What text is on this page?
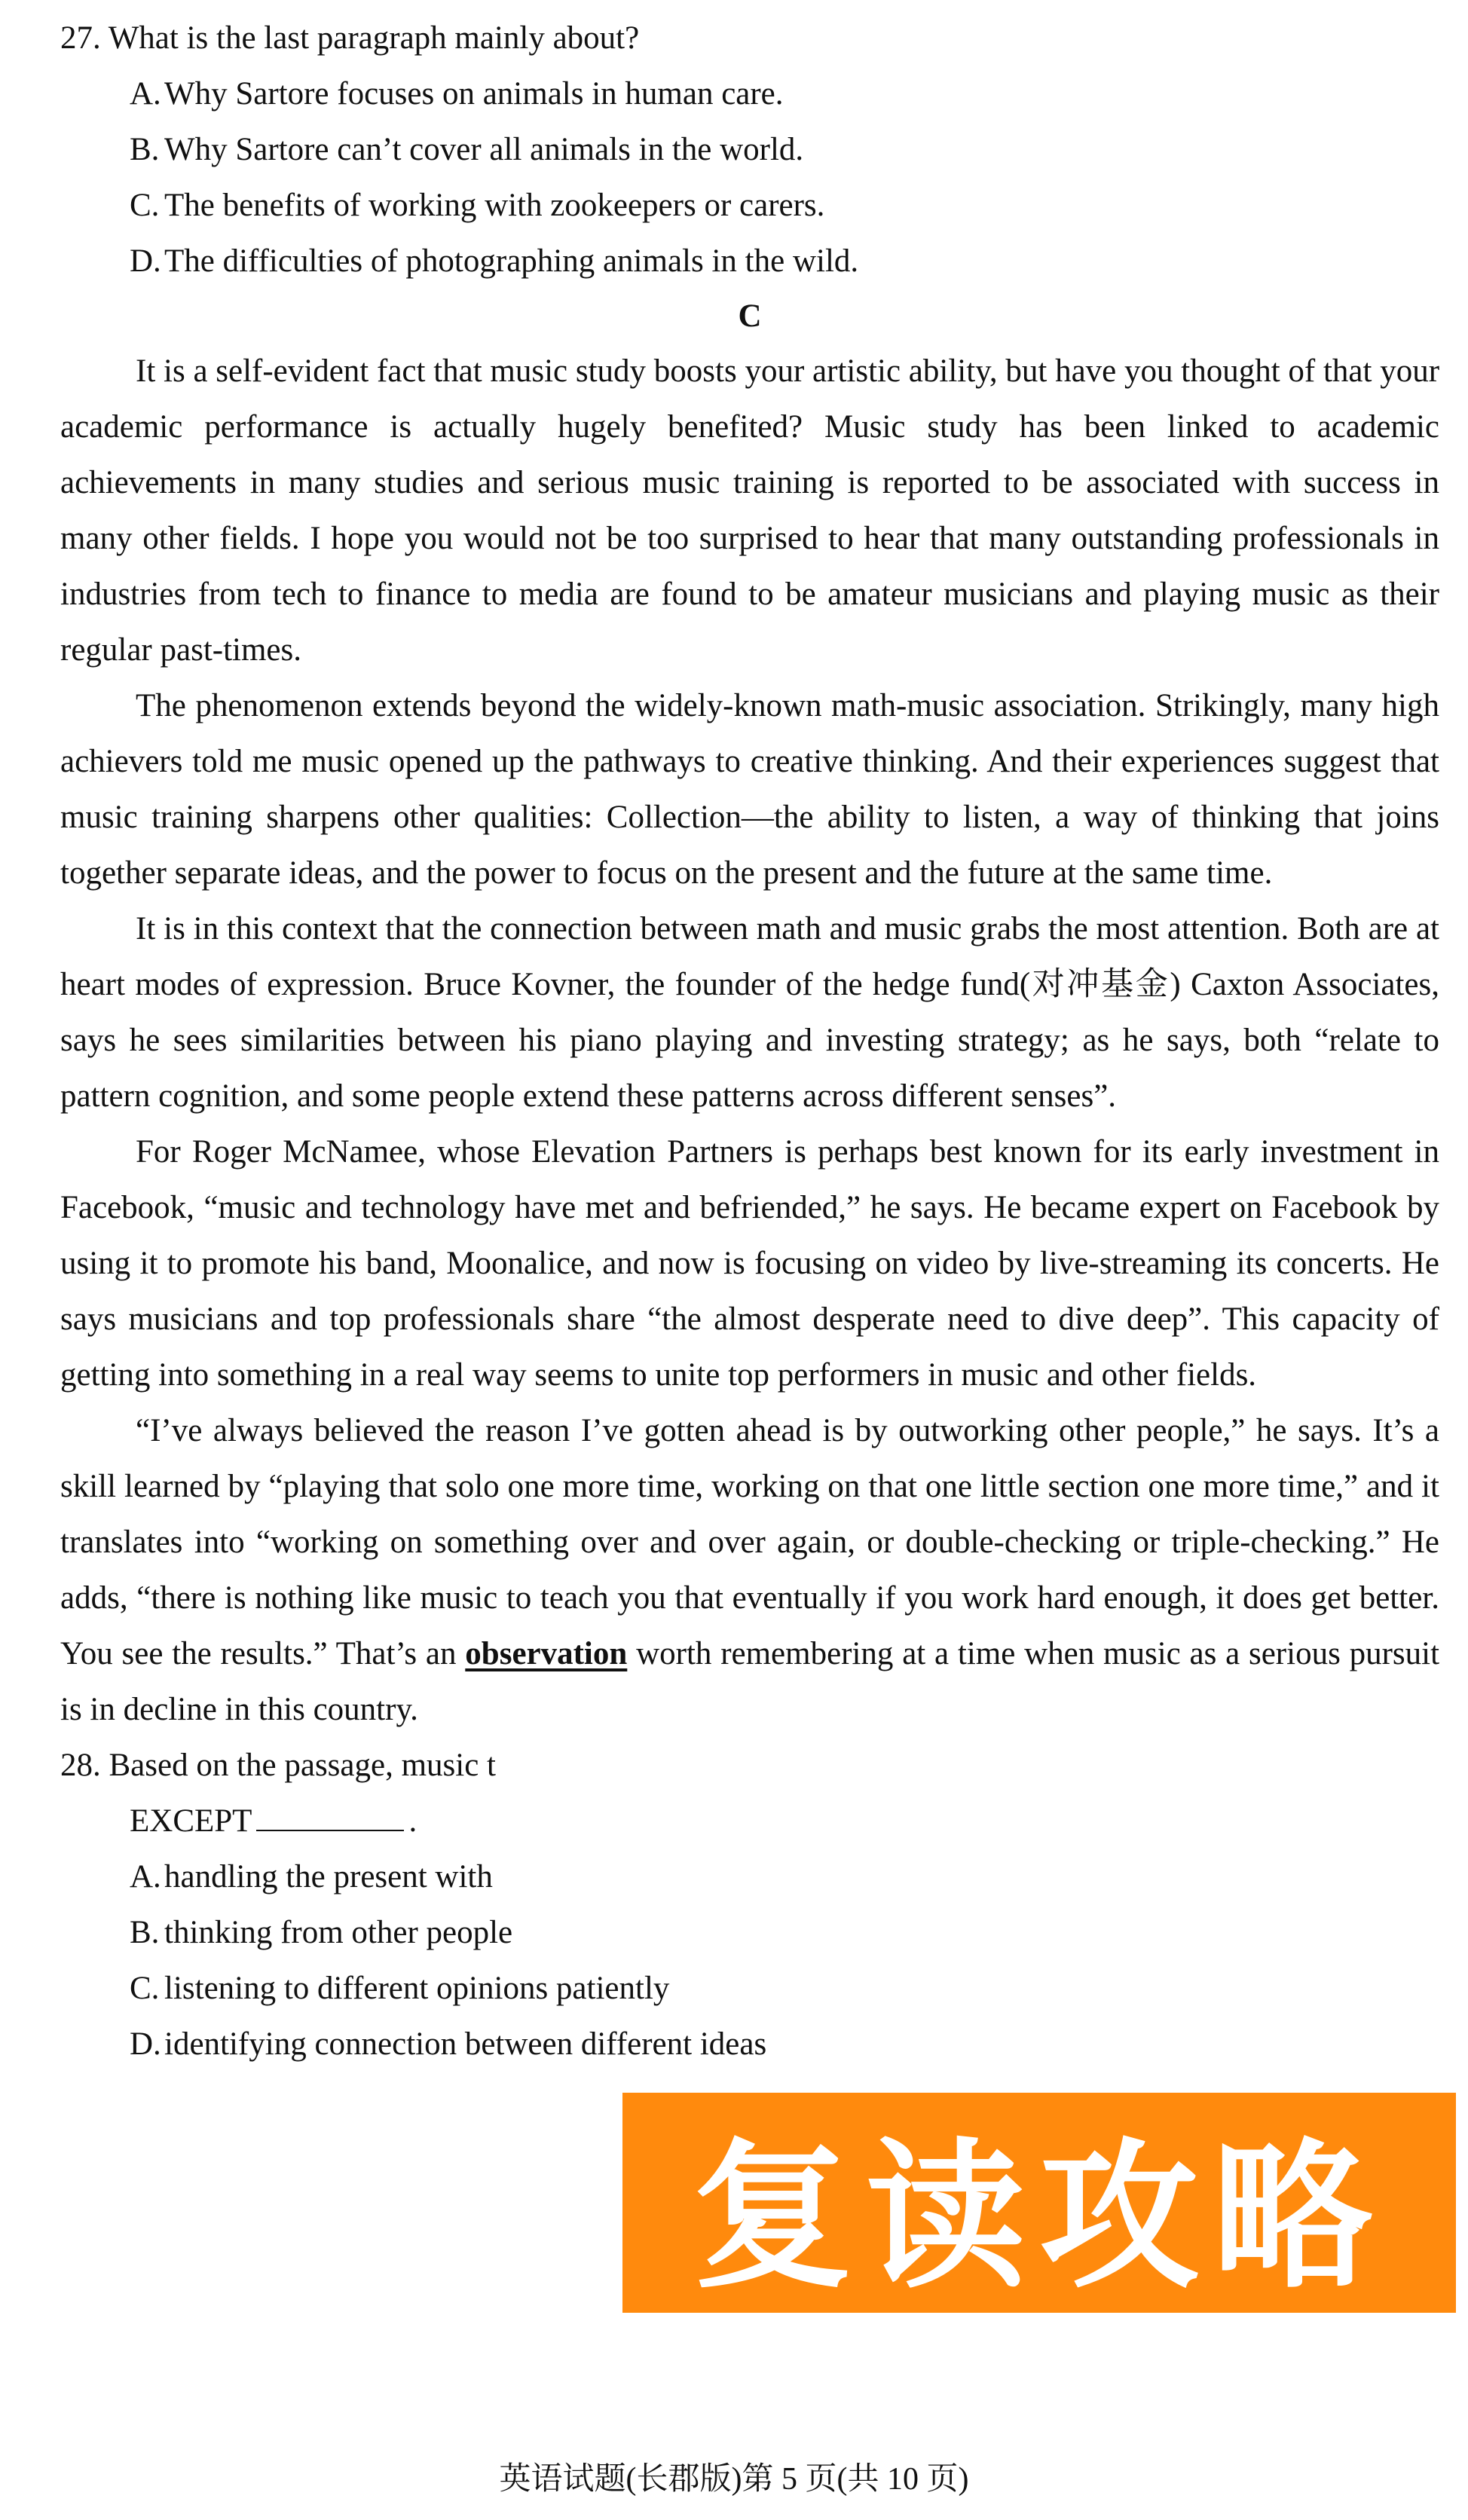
27. What is the last paragraph mainly about?

A.Why Sartore focuses on animals in human care.

B. Why Sartore can’t cover all animals in the world.

C. The benefits of working with zookeepers or carers.

D.The difficulties of photographing animals in the wild.

C

It is a self-evident fact that music study boosts your artistic ability, but have you thought of that your academic performance is actually hugely benefited? Music study has been linked to academic achievements in many studies and serious music training is reported to be associated with success in many other fields. I hope you would not be too surprised to hear that many outstanding professionals in industries from tech to finance to media are found to be amateur musicians and playing music as their regular past-times.

The phenomenon extends beyond the widely-known math-music association. Strikingly, many high achievers told me music opened up the pathways to creative thinking. And their experiences suggest that music training sharpens other qualities: Collection—the ability to listen, a way of thinking that joins together separate ideas, and the power to focus on the present and the future at the same time.

It is in this context that the connection between math and music grabs the most attention. Both are at heart modes of expression. Bruce Kovner, the founder of the hedge fund(对冲基金) Caxton Associates, says he sees similarities between his piano playing and investing strategy; as he says, both “relate to pattern cognition, and some people extend these patterns across different senses”.

For Roger McNamee, whose Elevation Partners is perhaps best known for its early investment in Facebook, “music and technology have met and befriended,” he says. He became expert on Facebook by using it to promote his band, Moonalice, and now is focusing on video by live-streaming its concerts. He says musicians and top professionals share “the almost desperate need to dive deep”. This capacity of getting into something in a real way seems to unite top performers in music and other fields.

“I’ve always believed the reason I’ve gotten ahead is by outworking other people,” he says. It’s a skill learned by “playing that solo one more time, working on that one little section one more time,” and it translates into “working on something over and over again, or double-checking or triple-checking.” He adds, “there is nothing like music to teach you that eventually if you work hard enough, it does get better. You see the results.” That’s an observation worth remembering at a time when music as a serious pursuit is in decline in this country.

28. Based on the passage, music t

EXCEPT	.

A.handling the present with

B. thinking from other people

C. listening to different opinions patiently

D.identifying connection between different ideas

复读攻略
英语试题(长郡版)第 5 页(共 10 页)
